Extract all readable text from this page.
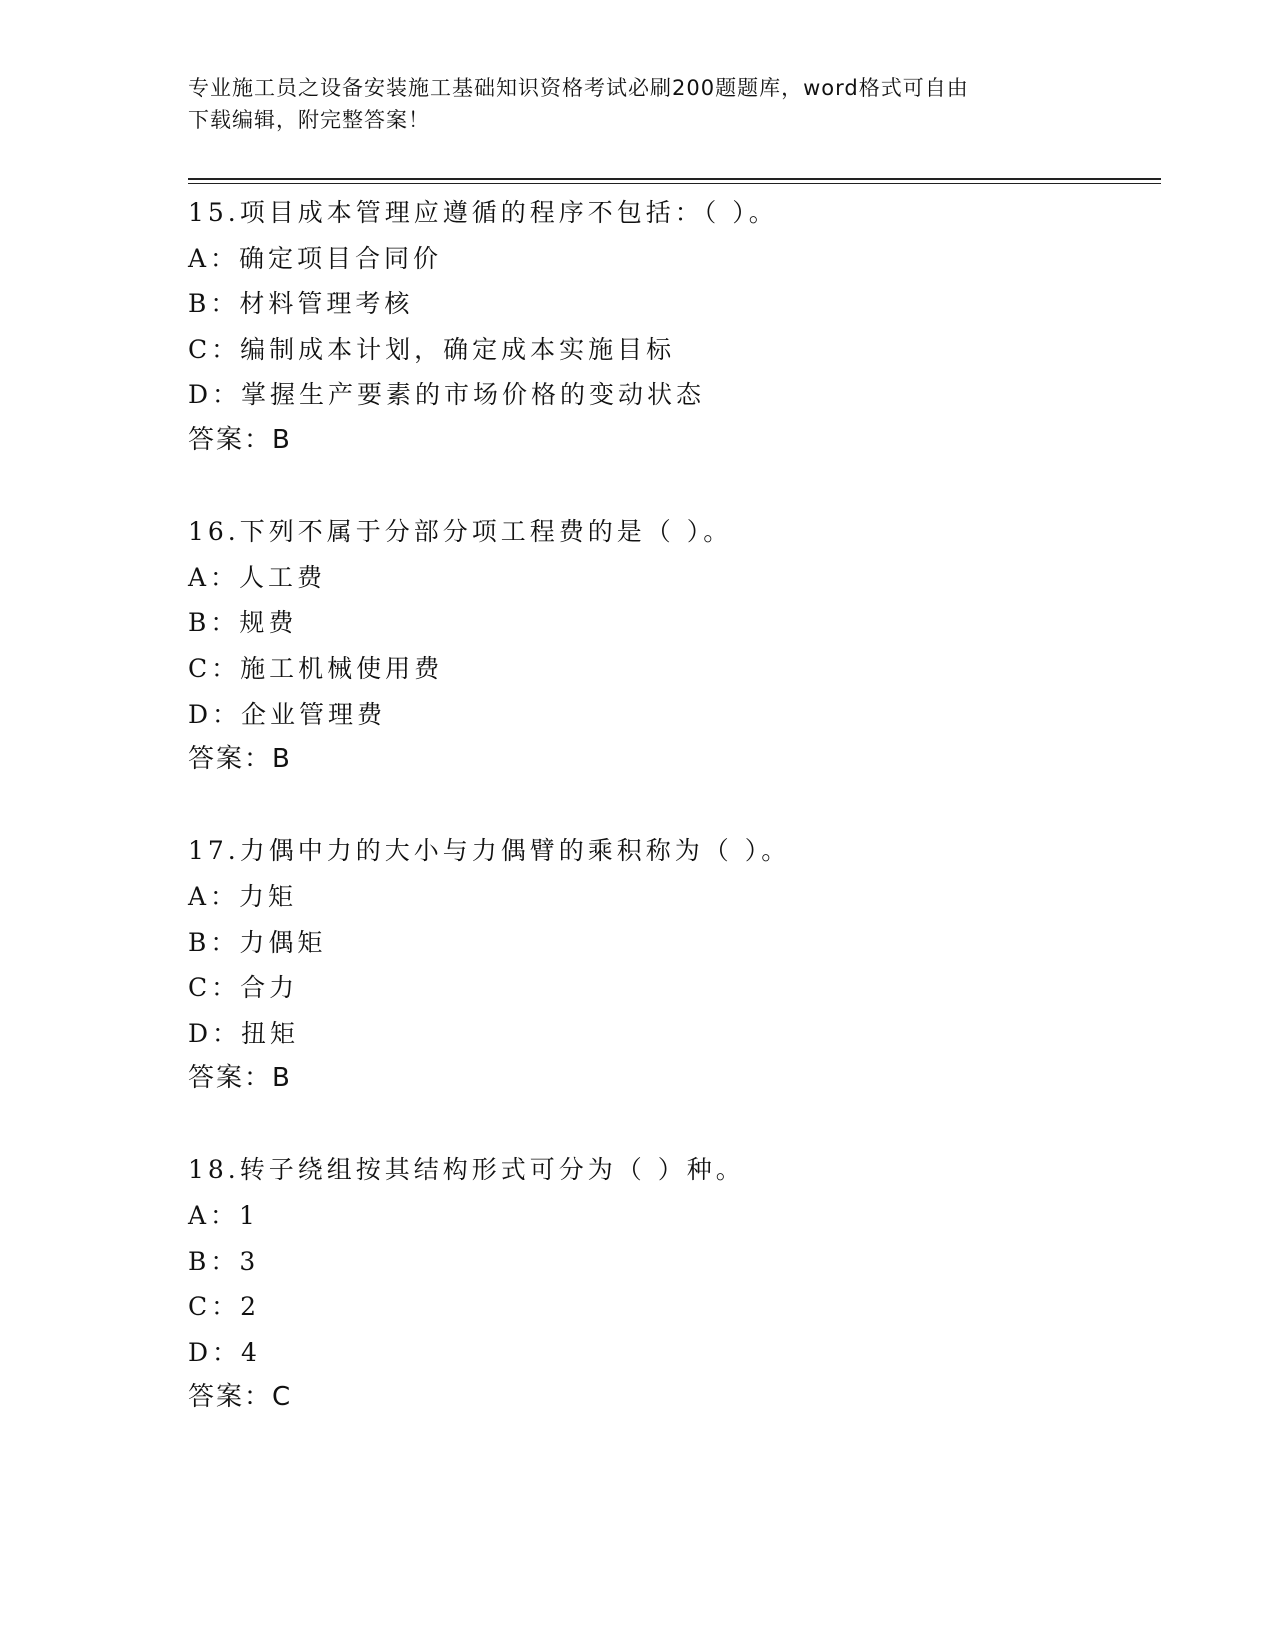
专业施工员之设备安装施工基础知识资格考试必刷200题题库，word格式可自由
下载编辑，附完整答案！
15.项目成本管理应遵循的程序不包括：（ ）。
A：确定项目合同价
B：材料管理考核
C：编制成本计划，确定成本实施目标
D：掌握生产要素的市场价格的变动状态
答案：B
16.下列不属于分部分项工程费的是（ ）。
A：人工费
B：规费
C：施工机械使用费
D：企业管理费
答案：B
17.力偶中力的大小与力偶臂的乘积称为（ ）。
A：力矩
B：力偶矩
C：合力
D：扭矩
答案：B
18.转子绕组按其结构形式可分为（ ）种。
A：1
B：3
C：2
D：4
答案：C
